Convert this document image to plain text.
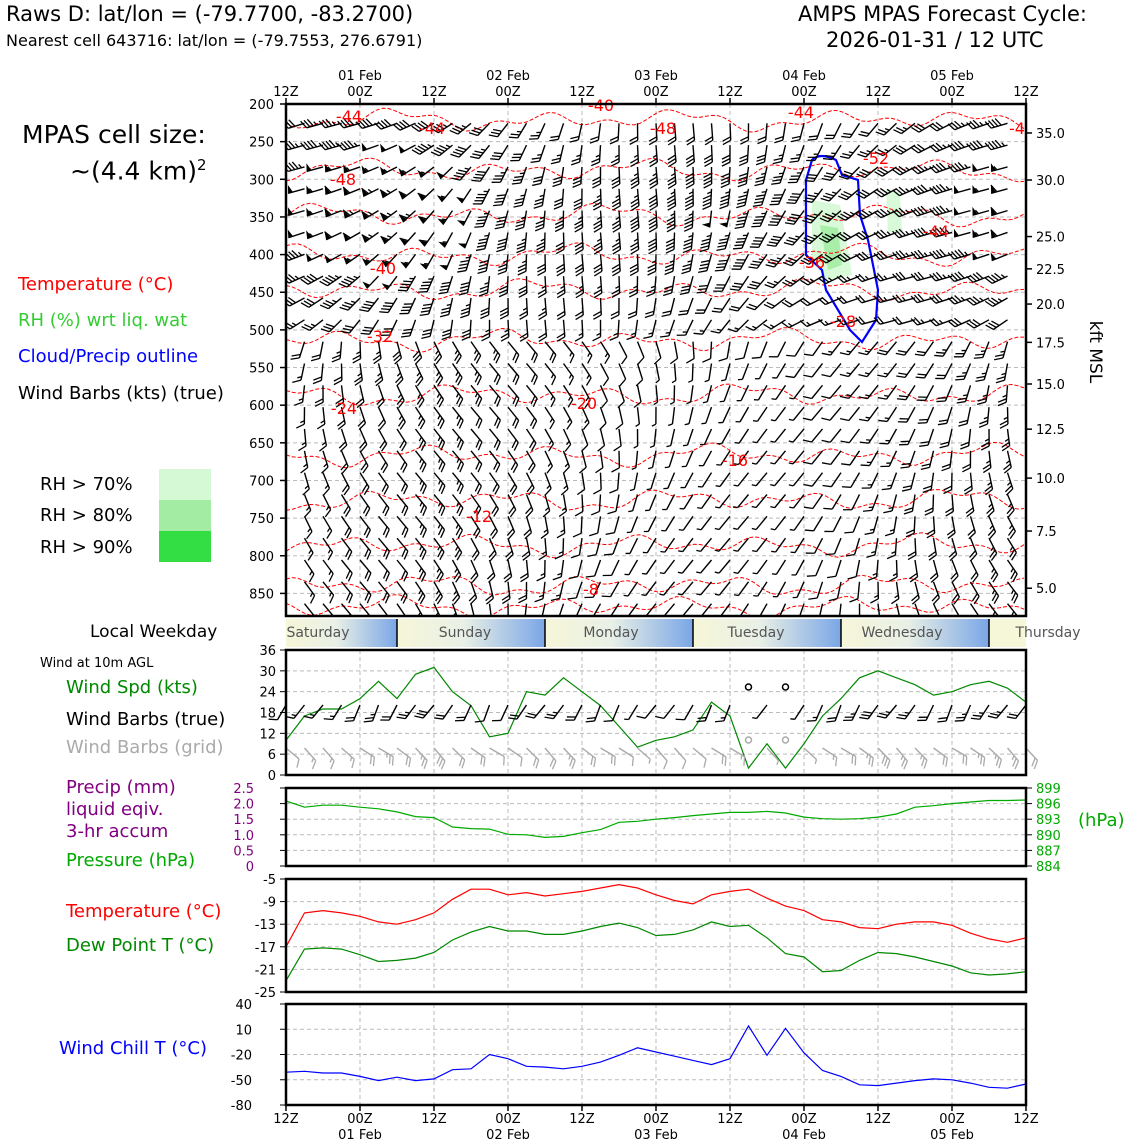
Raws D: lat/lon = (-79.7700, -83.2700)
Nearest cell 643716: lat/lon = (-79.7553, 276.6791)
AMPS MPAS Forecast Cycle:
2026-01-31 / 12 UTC
MPAS cell size:
~(4.4 km)$^2$
Temperature (°C)
RH (%) wrt liq. wat
Cloud/Precip outline
Wind Barbs (kts) (true)
RH > 70%
RH > 80%
RH > 90%
Local Weekday
Wind at 10m AGL
Wind Spd (kts)
Wind Barbs (true)
Wind Barbs (grid)
Precip (mm)
liquid eqiv.
3-hr accum
Pressure (hPa)
(hPa)
Temperature (°C)
Dew Point T (°C)
Wind Chill T (°C)
-44
-44
-40
-48
-44
-4
-52
-48
-44
-36
-40
-28
-32
-24	-20
-16
-12
-8
200
250
300
350
400
450
500
550
600
650
700
750
800
850
35.0
30.0
25.0
22.5
20.0
17.5
15.0
12.5
10.0
7.5
5.0
kft MSL
12Z	00Z	12Z	00Z	12Z	00Z	12Z	00Z	12Z	00Z	12Z
01 Feb	02 Feb	03 Feb	04 Feb	05 Feb
Saturday	Sunday	Monday	Tuesday	Wednesday	Thursday
0
6
12
18
24
30
36
0	884
0.5	887
1.0	890
1.5	893
2.0	896
2.5	899
-25
-21
-17
-13
-9
-5
-80
-50
-20
10
40
12Z	00Z	12Z	00Z	12Z	00Z	12Z	00Z	12Z	00Z	12Z
01 Feb	02 Feb	03 Feb	04 Feb	05 Feb
